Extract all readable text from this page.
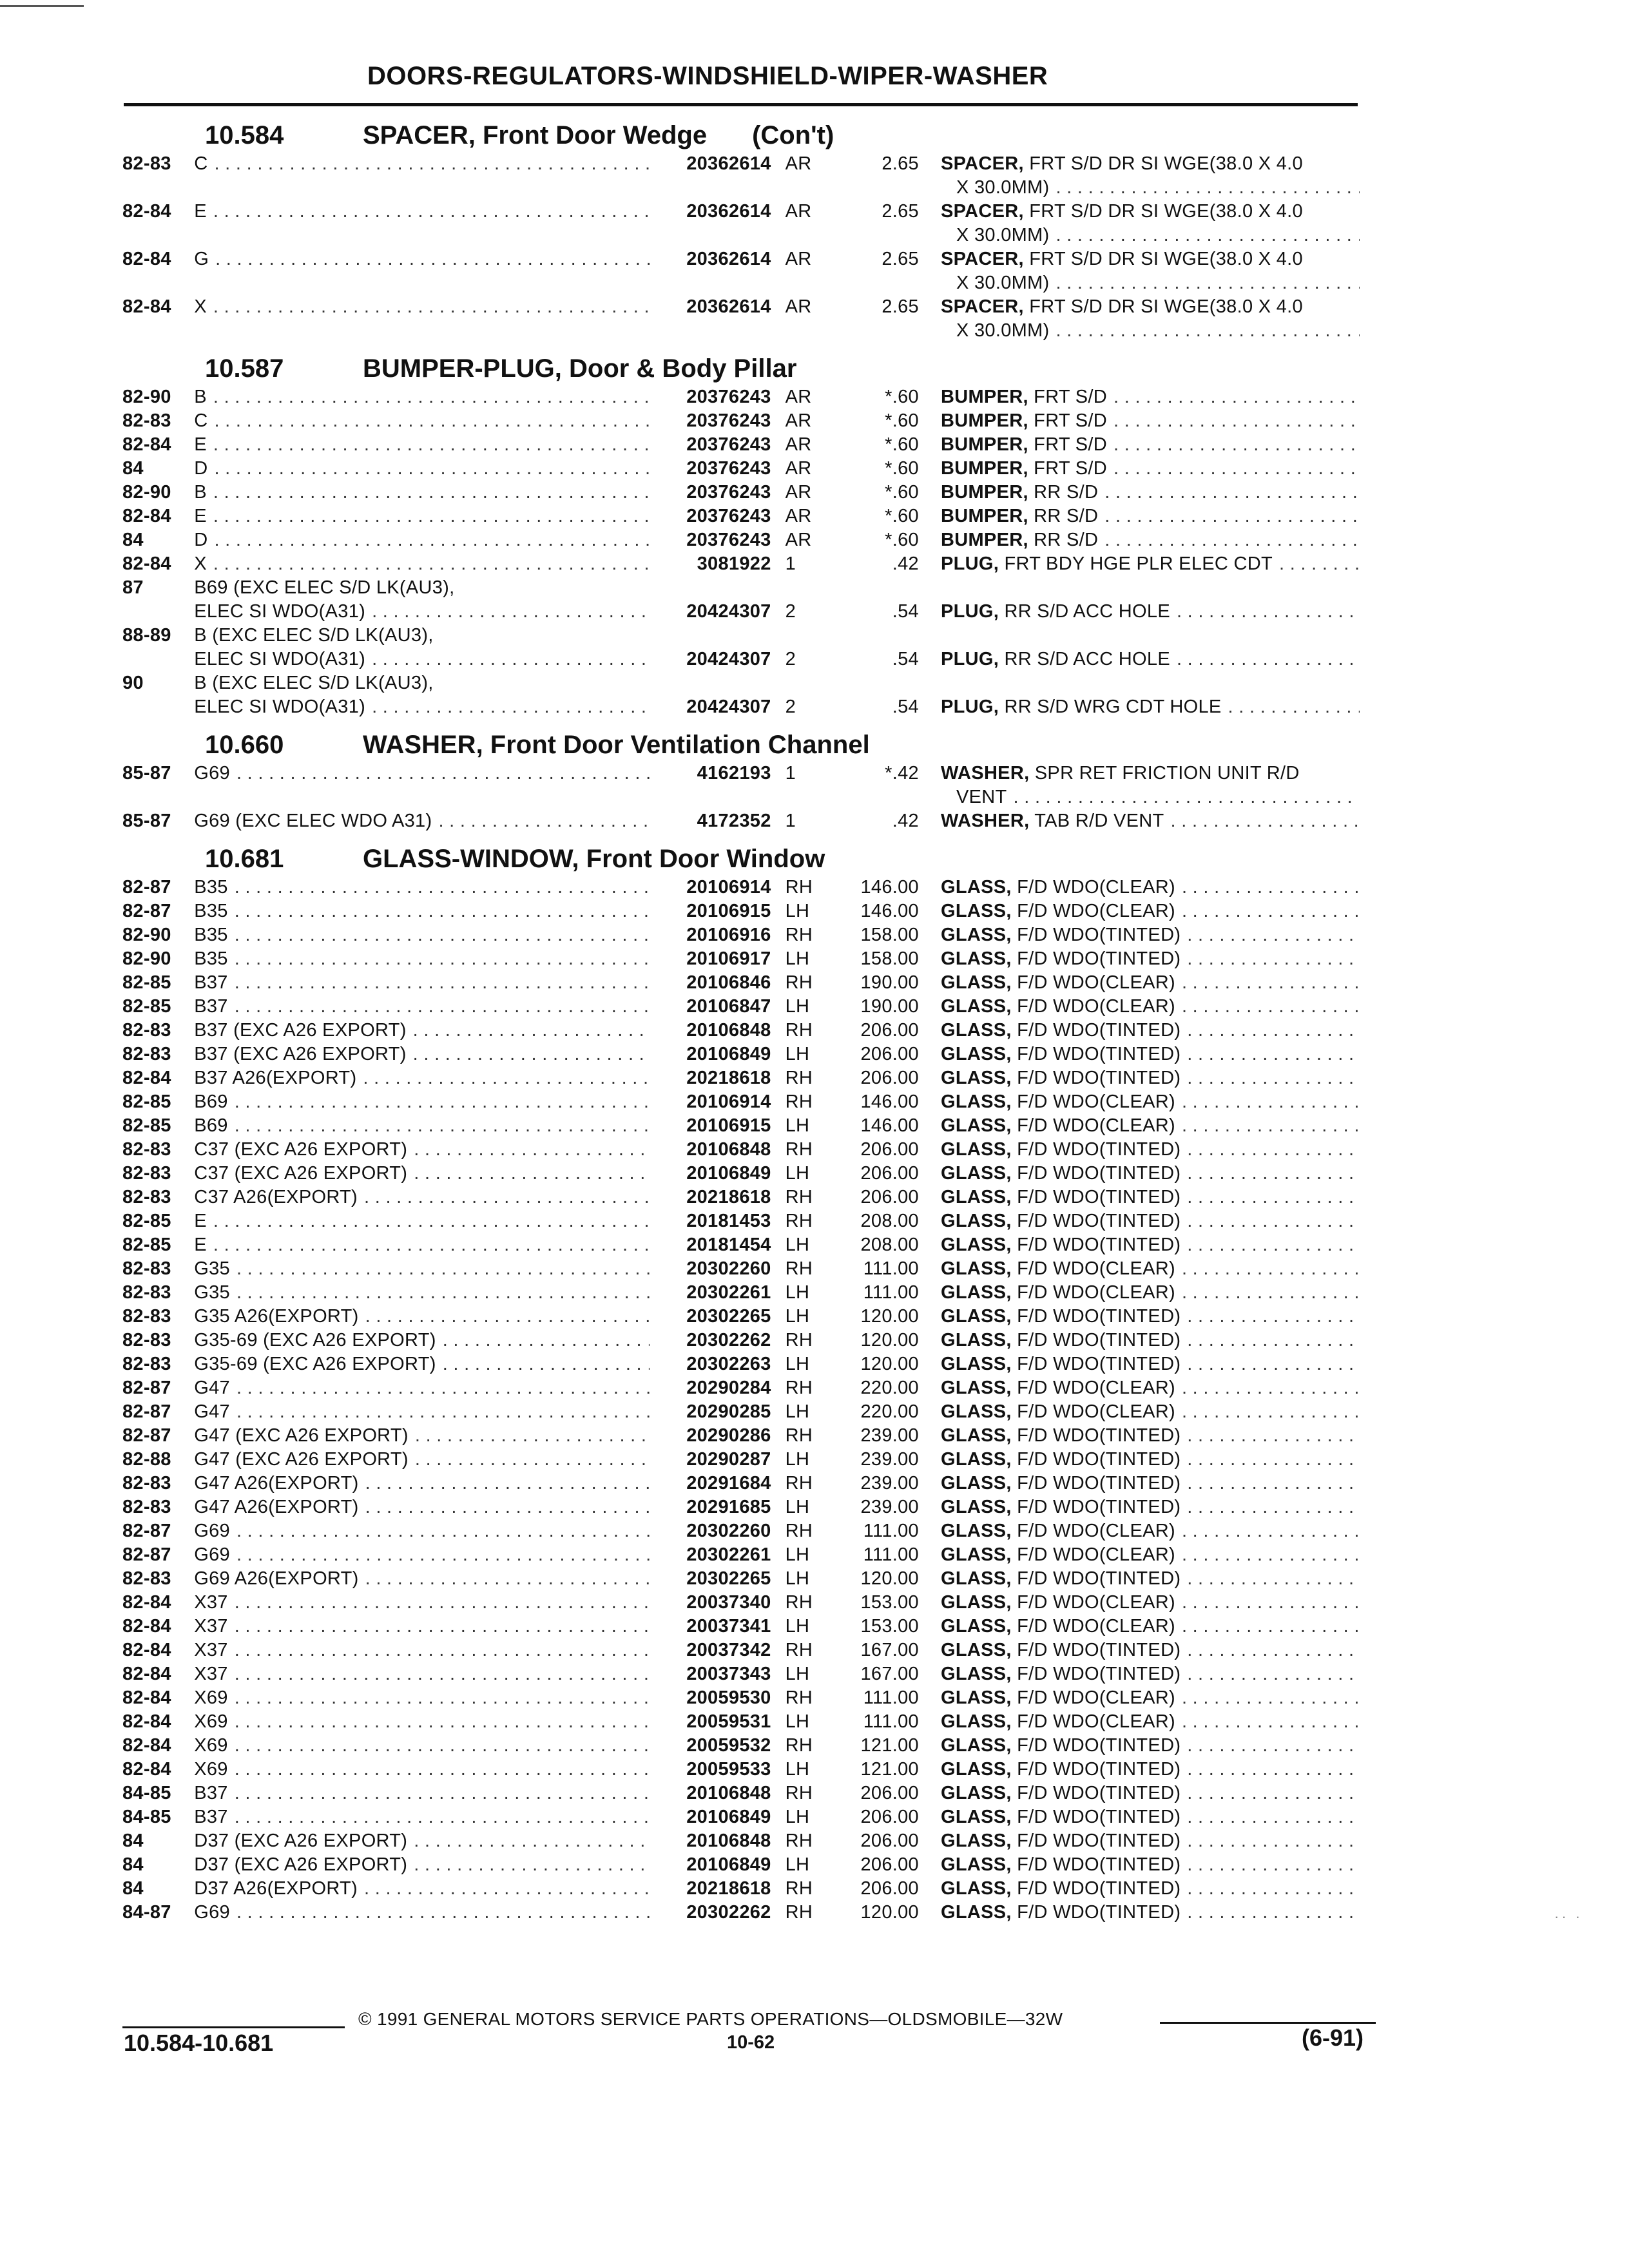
DOORS-REGULATORS-WINDSHIELD-WIPER-WASHER
10.584	SPACER, Front Door Wedge (Con't)
82-83	C . . .	20362614 AR	2.65 SPACER, FRT S/D DR SI WGE(38.0 X 4.0
X 30.0MM)
. . .
82-84	E . . .	20362614 AR	2.65 SPACER, FRT S/D DR SI WGE(38.0 X 4.0
X 30.0MM)
. . .
82-84	G . . .	20362614 AR	2.65 SPACER, FRT S/D DR SI WGE(38.0 X 4.0
X 30.0MM)
. . .
82-84	X . . .	20362614 AR	2.65 SPACER, FRT S/D DR SI WGE(38.0 X 4.0
X 30.0MM)
. . .
10.587	BUMPER-PLUG, Door & Body Pillar
82-90	B . . .	20376243 AR	*.60 BUMPER, FRT S/D
. . .
82-83	C . . .	20376243 AR	*.60 BUMPER, FRT S/D
. . .
82-84	E . . .	20376243 AR	*.60 BUMPER, FRT S/D
. . .
84	D . . .	20376243 AR	*.60 BUMPER, FRT S/D
. . .
82-90	B . . .	20376243 AR	*.60 BUMPER, RR S/D
. . .
82-84	E . . .	20376243 AR	*.60 BUMPER, RR S/D
. . .
84	D . . .	20376243 AR	*.60 BUMPER, RR S/D
. . .
82-84	X . . .	3081922 1	.42 PLUG, FRT BDY HGE PLR ELEC CDT
. . .
87	B69 (EXC ELEC S/D LK(AU3),
ELEC SI WDO(A31) . . .	20424307 2	.54 PLUG, RR S/D ACC HOLE
. . .
88-89	B (EXC ELEC S/D LK(AU3),
ELEC SI WDO(A31) . . .	20424307 2	.54 PLUG, RR S/D ACC HOLE
. . .
90	B (EXC ELEC S/D LK(AU3),
ELEC SI WDO(A31) . . .	20424307 2	.54 PLUG, RR S/D WRG CDT HOLE
. . .
10.660	WASHER, Front Door Ventilation Channel
85-87	G69 . . .	4162193 1	*.42 WASHER, SPR RET FRICTION UNIT R/D
VENT
. . .
85-87	G69 (EXC ELEC WDO A31) . . .	4172352 1	.42 WASHER, TAB R/D VENT
. . .
10.681	GLASS-WINDOW, Front Door Window
82-87	B35 . . .	20106914 RH	146.00 GLASS, F/D WDO(CLEAR)
. . .
82-87	B35 . . .	20106915 LH	146.00 GLASS, F/D WDO(CLEAR)
. . .
82-90	B35 . . .	20106916 RH	158.00 GLASS, F/D WDO(TINTED)
. . .
82-90	B35 . . .	20106917 LH	158.00 GLASS, F/D WDO(TINTED)
. . .
82-85	B37 . . .	20106846 RH	190.00 GLASS, F/D WDO(CLEAR)
. . .
82-85	B37 . . .	20106847 LH	190.00 GLASS, F/D WDO(CLEAR)
. . .
82-83	B37 (EXC A26 EXPORT) . . .	20106848 RH	206.00 GLASS, F/D WDO(TINTED)
. . .
82-83	B37 (EXC A26 EXPORT) . . .	20106849 LH	206.00 GLASS, F/D WDO(TINTED)
. . .
82-84	B37 A26(EXPORT) . . .	20218618 RH	206.00 GLASS, F/D WDO(TINTED)
. . .
82-85	B69 . . .	20106914 RH	146.00 GLASS, F/D WDO(CLEAR)
. . .
82-85	B69 . . .	20106915 LH	146.00 GLASS, F/D WDO(CLEAR)
. . .
82-83	C37 (EXC A26 EXPORT) . . .	20106848 RH	206.00 GLASS, F/D WDO(TINTED)
. . .
82-83	C37 (EXC A26 EXPORT) . . .	20106849 LH	206.00 GLASS, F/D WDO(TINTED)
. . .
82-83	C37 A26(EXPORT) . . .	20218618 RH	206.00 GLASS, F/D WDO(TINTED)
. . .
82-85	E . . .	20181453 RH	208.00 GLASS, F/D WDO(TINTED)
. . .
82-85	E . . .	20181454 LH	208.00 GLASS, F/D WDO(TINTED)
. . .
82-83	G35 . . .	20302260 RH	111.00 GLASS, F/D WDO(CLEAR)
. . .
82-83	G35 . . .	20302261 LH	111.00 GLASS, F/D WDO(CLEAR)
. . .
82-83	G35 A26(EXPORT) . . .	20302265 LH	120.00 GLASS, F/D WDO(TINTED)
. . .
82-83	G35-69 (EXC A26 EXPORT) . . .	20302262 RH	120.00 GLASS, F/D WDO(TINTED)
. . .
82-83	G35-69 (EXC A26 EXPORT) . . .	20302263 LH	120.00 GLASS, F/D WDO(TINTED)
. . .
82-87	G47 . . .	20290284 RH	220.00 GLASS, F/D WDO(CLEAR)
. . .
82-87	G47 . . .	20290285 LH	220.00 GLASS, F/D WDO(CLEAR)
. . .
82-87	G47 (EXC A26 EXPORT) . . .	20290286 RH	239.00 GLASS, F/D WDO(TINTED)
. . .
82-88	G47 (EXC A26 EXPORT) . . .	20290287 LH	239.00 GLASS, F/D WDO(TINTED)
. . .
82-83	G47 A26(EXPORT) . . .	20291684 RH	239.00 GLASS, F/D WDO(TINTED)
. . .
82-83	G47 A26(EXPORT) . . .	20291685 LH	239.00 GLASS, F/D WDO(TINTED)
. . .
82-87	G69 . . .	20302260 RH	111.00 GLASS, F/D WDO(CLEAR)
. . .
82-87	G69 . . .	20302261 LH	111.00 GLASS, F/D WDO(CLEAR)
. . .
82-83	G69 A26(EXPORT) . . .	20302265 LH	120.00 GLASS, F/D WDO(TINTED)
. . .
82-84	X37 . . .	20037340 RH	153.00 GLASS, F/D WDO(CLEAR)
. . .
82-84	X37 . . .	20037341 LH	153.00 GLASS, F/D WDO(CLEAR)
. . .
82-84	X37 . . .	20037342 RH	167.00 GLASS, F/D WDO(TINTED)
. . .
82-84	X37 . . .	20037343 LH	167.00 GLASS, F/D WDO(TINTED)
. . .
82-84	X69 . . .	20059530 RH	111.00 GLASS, F/D WDO(CLEAR)
. . .
82-84	X69 . . .	20059531 LH	111.00 GLASS, F/D WDO(CLEAR)
. . .
82-84	X69 . . .	20059532 RH	121.00 GLASS, F/D WDO(TINTED)
. . .
82-84	X69 . . .	20059533 LH	121.00 GLASS, F/D WDO(TINTED)
. . .
84-85	B37 . . .	20106848 RH	206.00 GLASS, F/D WDO(TINTED)
. . .
84-85	B37 . . .	20106849 LH	206.00 GLASS, F/D WDO(TINTED)
. . .
84	D37 (EXC A26 EXPORT) . . .	20106848 RH	206.00 GLASS, F/D WDO(TINTED)
. . .
84	D37 (EXC A26 EXPORT) . . .	20106849 LH	206.00 GLASS, F/D WDO(TINTED)
. . .
84	D37 A26(EXPORT) . . .	20218618 RH	206.00 GLASS, F/D WDO(TINTED)
. . .
84-87	G69 . . .	20302262 RH	120.00 GLASS, F/D WDO(TINTED)
. . .
© 1991 GENERAL MOTORS SERVICE PARTS OPERATIONS—OLDSMOBILE—32W
10.584-10.681	10-62	(6-91)
·· ·
